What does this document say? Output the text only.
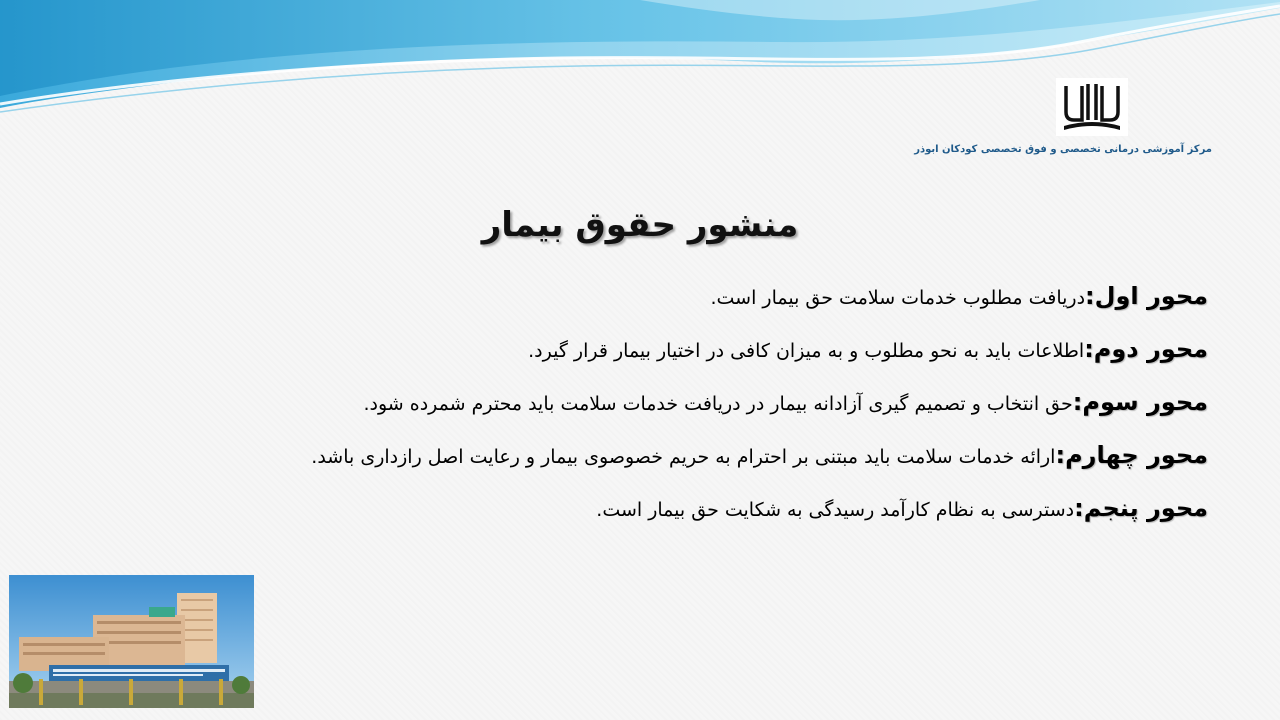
مرکز آموزشی درمانی تخصصی و فوق تخصصی کودکان ابوذر
منشور حقوق بیمار
محور اول:دریافت مطلوب خدمات سلامت حق بیمار است.
محور دوم:اطلاعات باید به نحو مطلوب و به میزان کافی در اختیار بیمار قرار گیرد.
محور سوم:حق انتخاب و تصمیم گیری آزادانه بیمار در دریافت خدمات سلامت باید محترم شمرده شود.
محور چهارم:ارائه خدمات سلامت باید مبتنی بر احترام به حریم خصوصوی بیمار و رعایت اصل رازداری باشد.
محور پنجم:دسترسی به نظام کارآمد رسیدگی به شکایت حق بیمار است.
